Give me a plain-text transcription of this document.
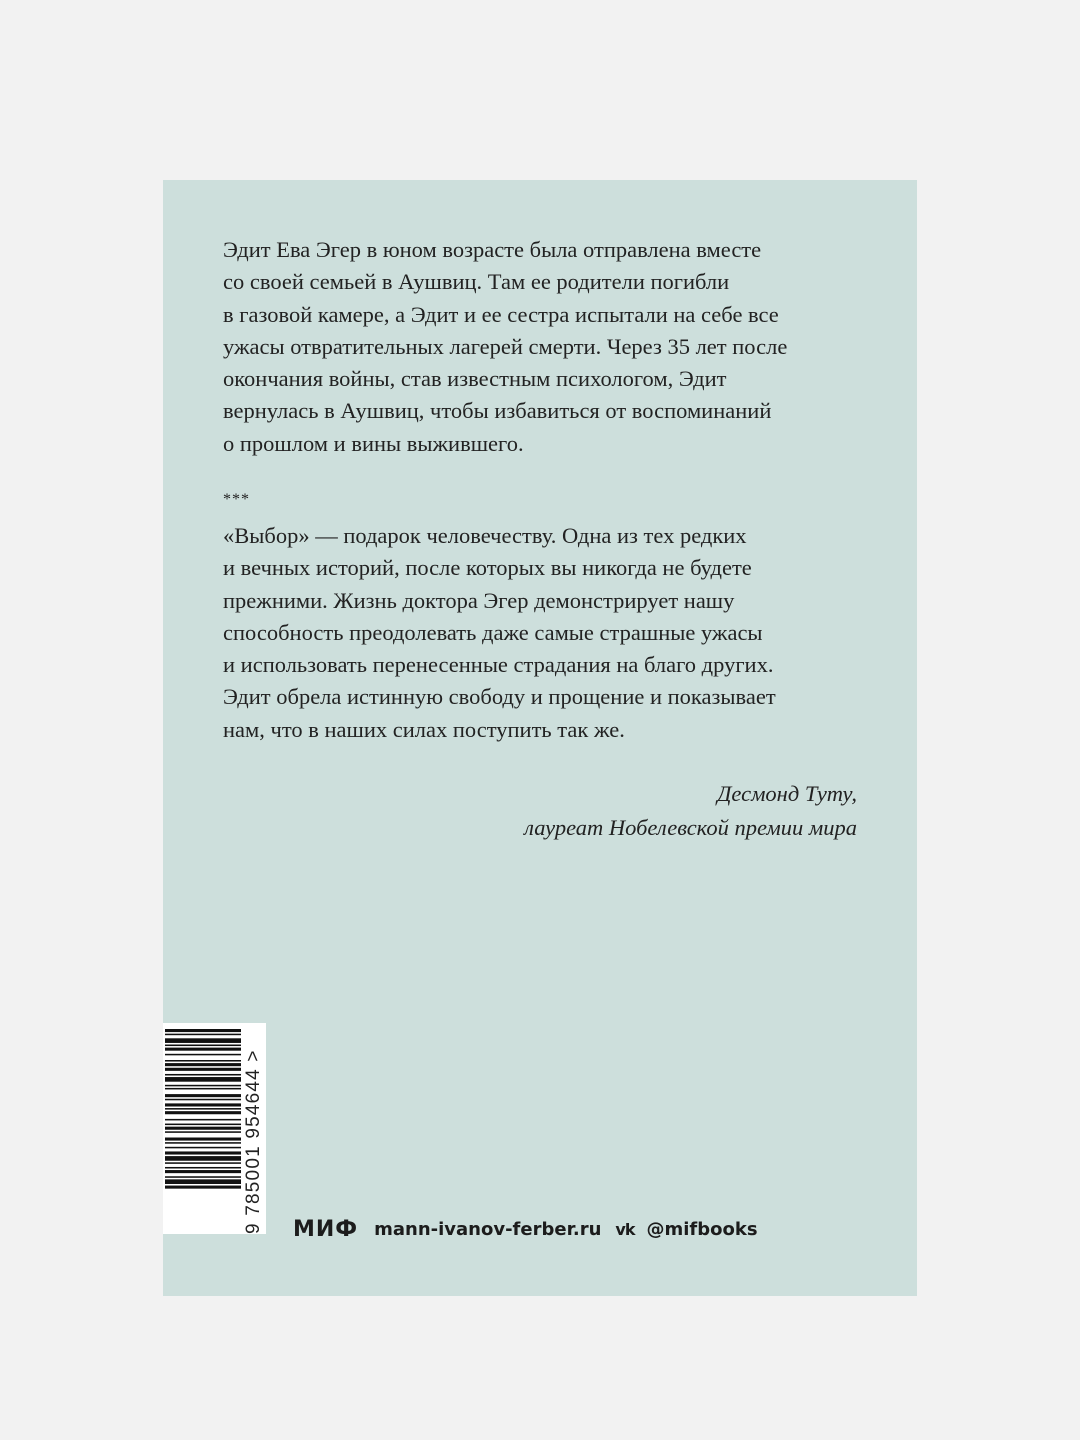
Эдит Ева Эгер в юном возрасте была отправлена вместе
со своей семьей в Аушвиц. Там ее родители погибли
в газовой камере, а Эдит и ее сестра испытали на себе все
ужасы отвратительных лагерей смерти. Через 35 лет после
окончания войны, став известным психологом, Эдит
вернулась в Аушвиц, чтобы избавиться от воспоминаний
о прошлом и вины выжившего.
***
«Выбор» — подарок человечеству. Одна из тех редких
и вечных историй, после которых вы никогда не будете
прежними. Жизнь доктора Эгер демонстрирует нашу
способность преодолевать даже самые страшные ужасы
и использовать перенесенные страдания на благо других.
Эдит обрела истинную свободу и прощение и показывает
нам, что в наших силах поступить так же.
Десмонд Туту,
лауреат Нобелевской премии мира
9 785001 954644 > МИФ mann-ivanov-ferber.ru vk @mifbooks
